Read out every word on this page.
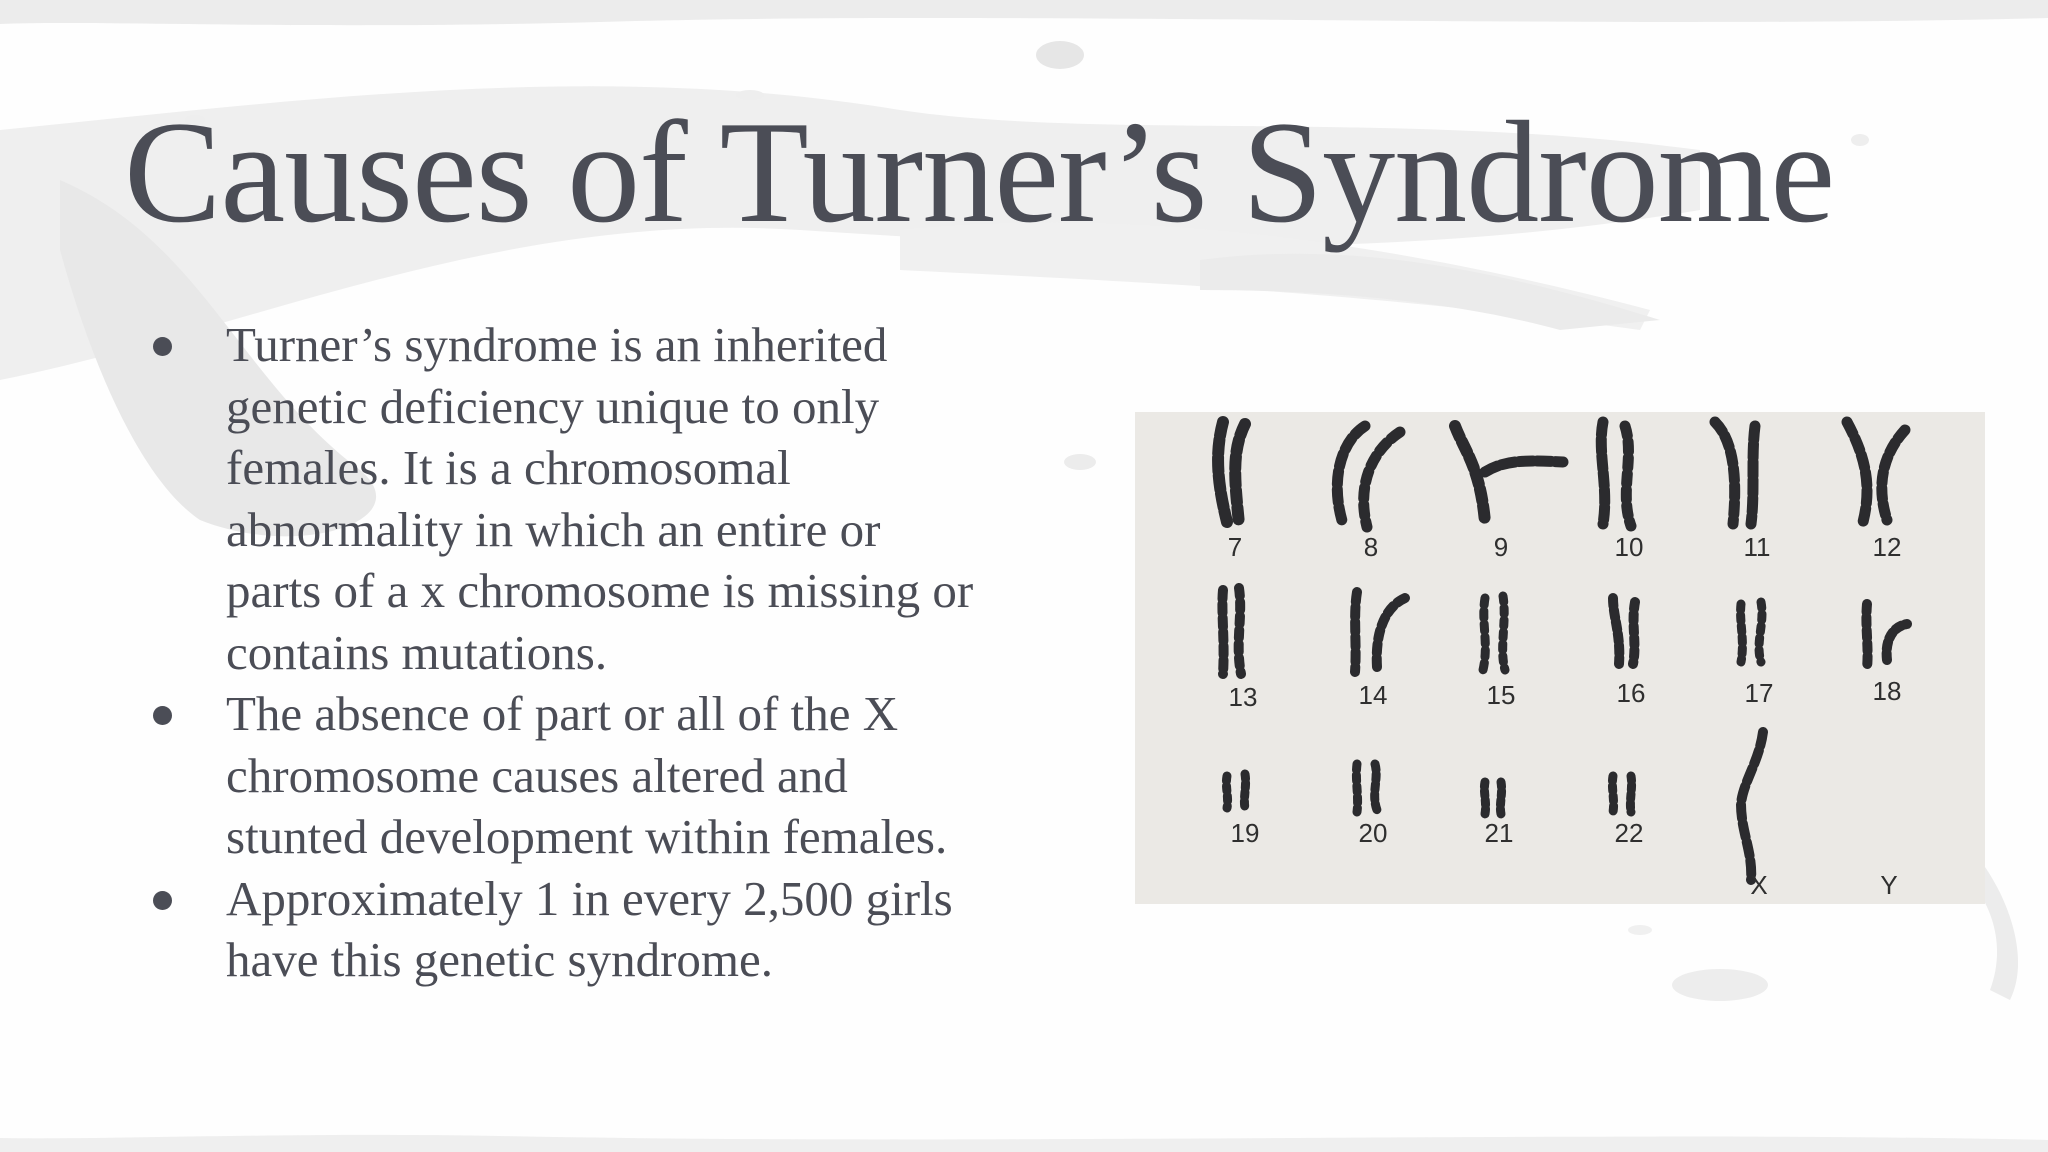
Causes of Turner’s Syndrome
Turner’s syndrome is an inherited
genetic deficiency unique to only
females. It is a chromosomal
abnormality in which an entire or
parts of a x chromosome is missing or
contains mutations.
The absence of part or all of the X
chromosome causes altered and
stunted development within females.
Approximately 1 in every 2,500 girls
have this genetic syndrome.
7	8	9	10	11	12
13	14	15	16	17	18
19	20	21	22
X	Y
